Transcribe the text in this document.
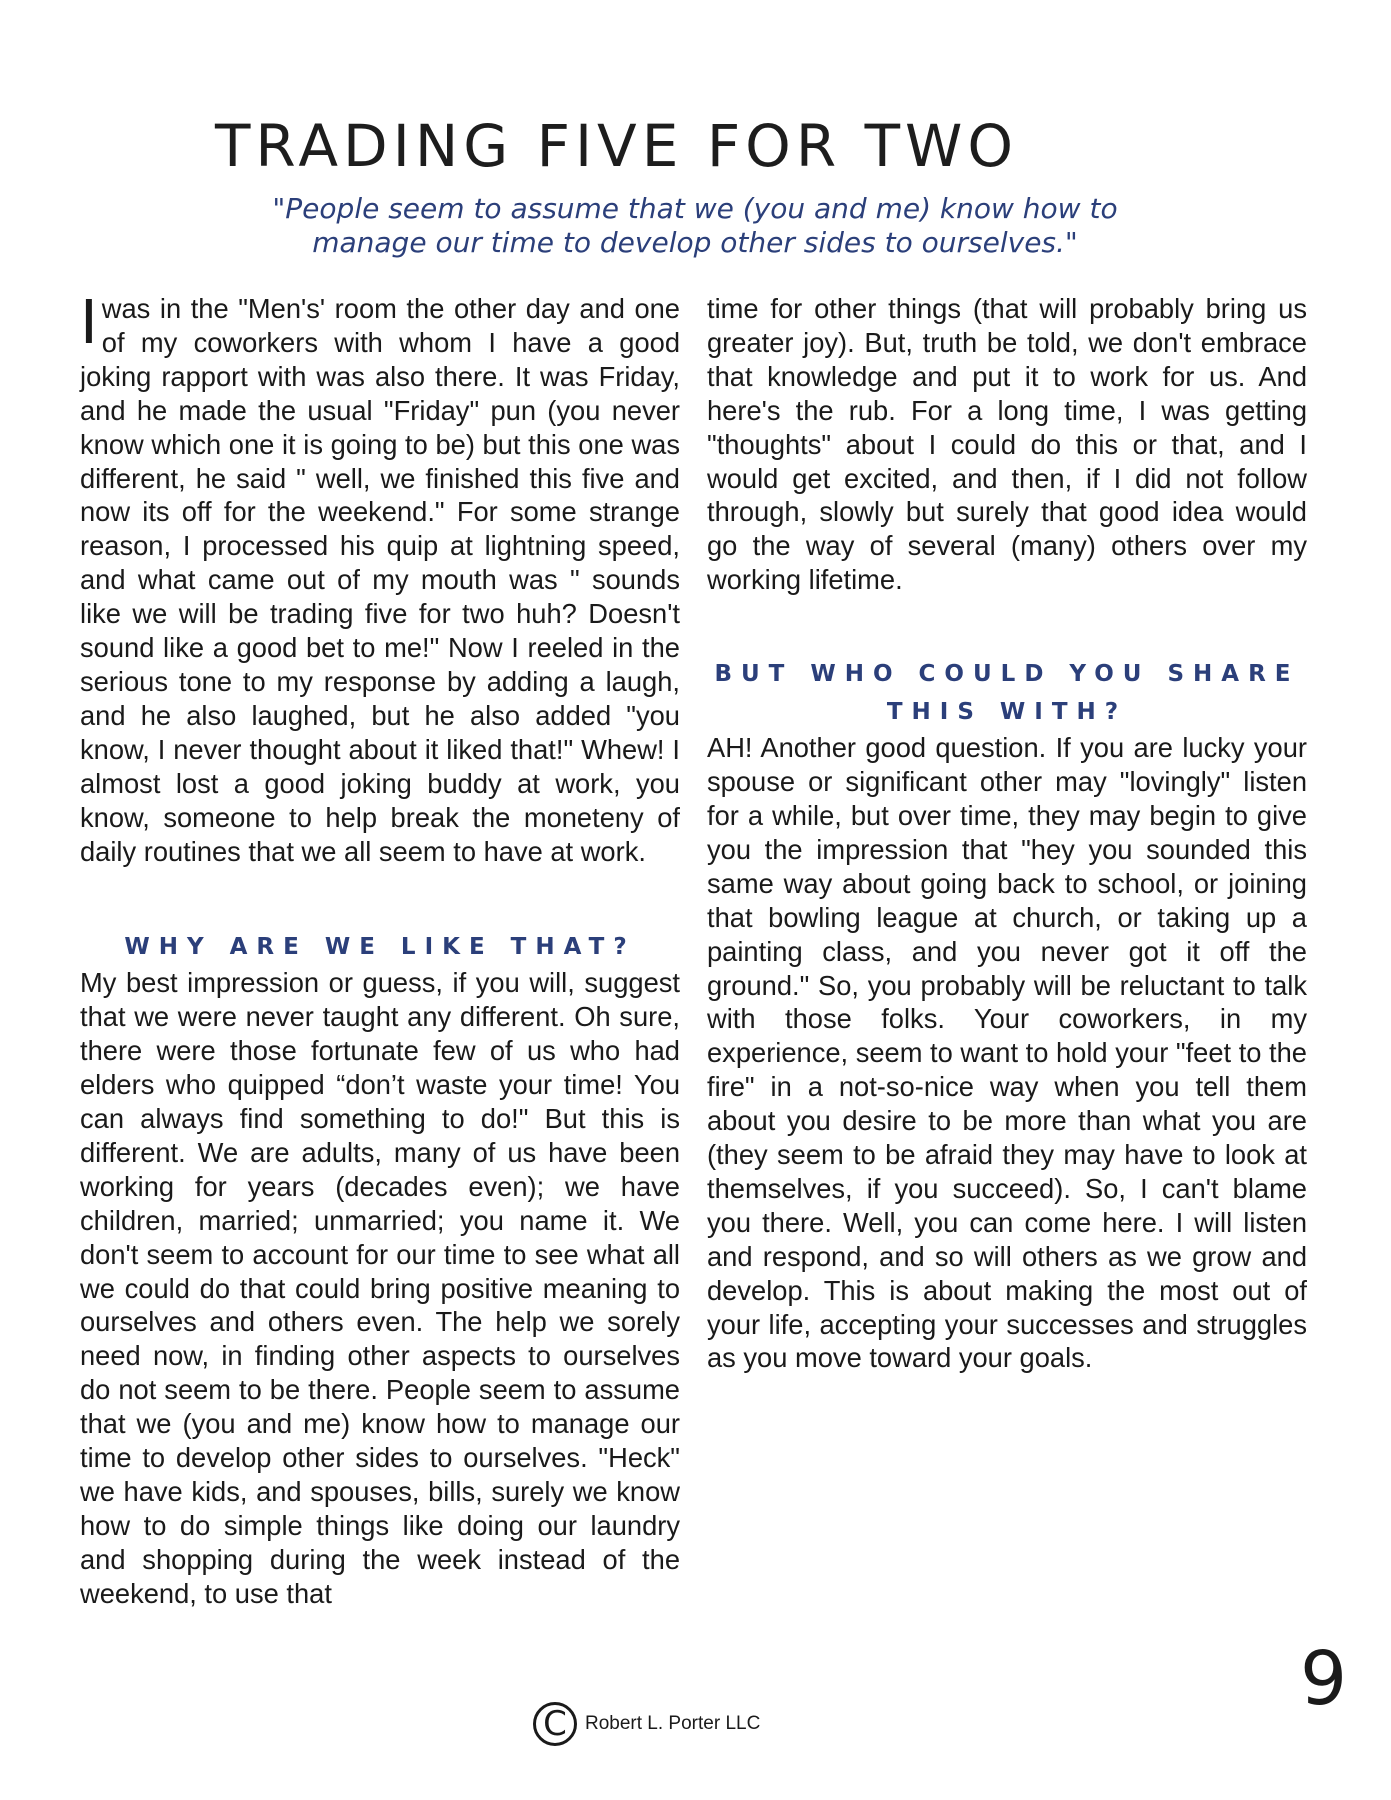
TRADING FIVE FOR TWO
"People seem to assume that we (you and me) know how to manage our time to develop other sides to ourselves."

Iwas in the "Men's' room the other day and one of my coworkers with whom I have a good joking rapport with was also there. It was Friday, and he made the usual "Friday" pun (you never know which one it is going to be) but this one was different, he said " well, we finished this five and now its off for the weekend." For some strange reason, I processed his quip at lightning speed, and what came out of my mouth was " sounds like we will be trading five for two huh? Doesn't sound like a good bet to me!" Now I reeled in the serious tone to my response by adding a laugh, and he also laughed, but he also added "you know, I never thought about it liked that!" Whew! I almost lost a good joking buddy at work, you know, someone to help break the moneteny of daily routines that we all seem to have at work.

WHY ARE WE LIKE THAT?

My best impression or guess, if you will, suggest that we were never taught any different. Oh sure, there were those fortunate few of us who had elders who quipped “don’t waste your time! You can always find something to do!" But this is different. We are adults, many of us have been working for years (decades even); we have children, married; unmarried; you name it. We don't seem to account for our time to see what all we could do that could bring positive meaning to ourselves and others even. The help we sorely need now, in finding other aspects to ourselves do not seem to be there. People seem to assume that we (you and me) know how to manage our time to develop other sides to ourselves. "Heck" we have kids, and spouses, bills, surely we know how to do simple things like doing our laundry and shopping during the week instead of the weekend, to use that

time for other things (that will probably bring us greater joy). But, truth be told, we don't embrace that knowledge and put it to work for us. And here's the rub. For a long time, I was getting "thoughts" about I could do this or that, and I would get excited, and then, if I did not follow through, slowly but surely that good idea would go the way of several (many) others over my working lifetime.

BUT WHO COULD YOU SHARE THIS WITH?

AH! Another good question. If you are lucky your spouse or significant other may "lovingly" listen for a while, but over time, they may begin to give you the impression that "hey you sounded this same way about going back to school, or joining that bowling league at church, or taking up a painting class, and you never got it off the ground." So, you probably will be reluctant to talk with those folks. Your coworkers, in my experience, seem to want to hold your "feet to the fire" in a not-so-nice way when you tell them about you desire to be more than what you are (they seem to be afraid they may have to look at themselves, if you succeed). So, I can't blame you there. Well, you can come here. I will listen and respond, and so will others as we grow and develop. This is about making the most out of your life, accepting your successes and struggles as you move toward your goals.

C Robert L. Porter LLC
9
